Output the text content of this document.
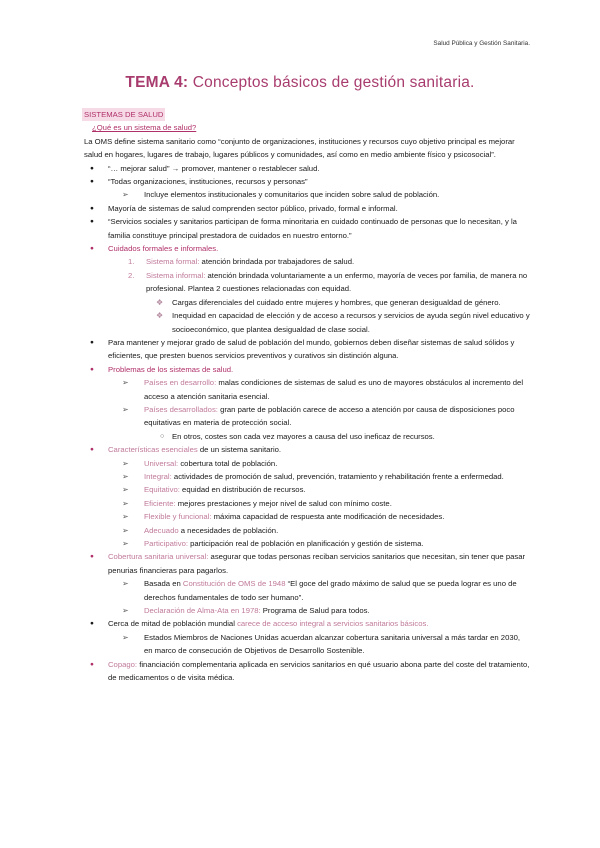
Salud Pública y Gestión Sanitaria.
TEMA 4: Conceptos básicos de gestión sanitaria.
SISTEMAS DE SALUD
¿Qué es un sistema de salud?
La OMS define sistema sanitario como “conjunto de organizaciones, instituciones y recursos cuyo objetivo principal es mejorar salud en hogares, lugares de trabajo, lugares públicos y comunidades, así como en medio ambiente físico y psicosocial”.
● “… mejorar salud” → promover, mantener o restablecer salud.
● “Todas organizaciones, instituciones, recursos y personas”
➢ Incluye elementos institucionales y comunitarios que inciden sobre salud de población.
● Mayoría de sistemas de salud comprenden sector público, privado, formal e informal.
● “Servicios sociales y sanitarios participan de forma minoritaria en cuidado continuado de personas que lo necesitan, y la familia constituye principal prestadora de cuidados en nuestro entorno.”
● Cuidados formales e informales.
1. Sistema formal: atención brindada por trabajadores de salud.
2. Sistema informal: atención brindada voluntariamente a un enfermo, mayoría de veces por familia, de manera no profesional. Plantea 2 cuestiones relacionadas con equidad.
❖ Cargas diferenciales del cuidado entre mujeres y hombres, que generan desigualdad de género.
❖ Inequidad en capacidad de elección y de acceso a recursos y servicios de ayuda según nivel educativo y socioeconómico, que plantea desigualdad de clase social.
● Para mantener y mejorar grado de salud de población del mundo, gobiernos deben diseñar sistemas de salud sólidos y eficientes, que presten buenos servicios preventivos y curativos sin distinción alguna.
● Problemas de los sistemas de salud.
➢ Países en desarrollo: malas condiciones de sistemas de salud es uno de mayores obstáculos al incremento del acceso a atención sanitaria esencial.
➢ Países desarrollados: gran parte de población carece de acceso a atención por causa de disposiciones poco equitativas en materia de protección social.
○ En otros, costes son cada vez mayores a causa del uso ineficaz de recursos.
● Características esenciales de un sistema sanitario.
➢ Universal: cobertura total de población.
➢ Integral: actividades de promoción de salud, prevención, tratamiento y rehabilitación frente a enfermedad.
➢ Equitativo: equidad en distribución de recursos.
➢ Eficiente: mejores prestaciones y mejor nivel de salud con mínimo coste.
➢ Flexible y funcional: máxima capacidad de respuesta ante modificación de necesidades.
➢ Adecuado a necesidades de población.
➢ Participativo: participación real de población en planificación y gestión de sistema.
● Cobertura sanitaria universal: asegurar que todas personas reciban servicios sanitarios que necesitan, sin tener que pasar penurias financieras para pagarlos.
➢ Basada en Constitución de OMS de 1948 “El goce del grado máximo de salud que se pueda lograr es uno de derechos fundamentales de todo ser humano”.
➢ Declaración de Alma-Ata en 1978: Programa de Salud para todos.
● Cerca de mitad de población mundial carece de acceso integral a servicios sanitarios básicos.
➢ Estados Miembros de Naciones Unidas acuerdan alcanzar cobertura sanitaria universal a más tardar en 2030, en marco de consecución de Objetivos de Desarrollo Sostenible.
● Copago: financiación complementaria aplicada en servicios sanitarios en qué usuario abona parte del coste del tratamiento, de medicamentos o de visita médica.
